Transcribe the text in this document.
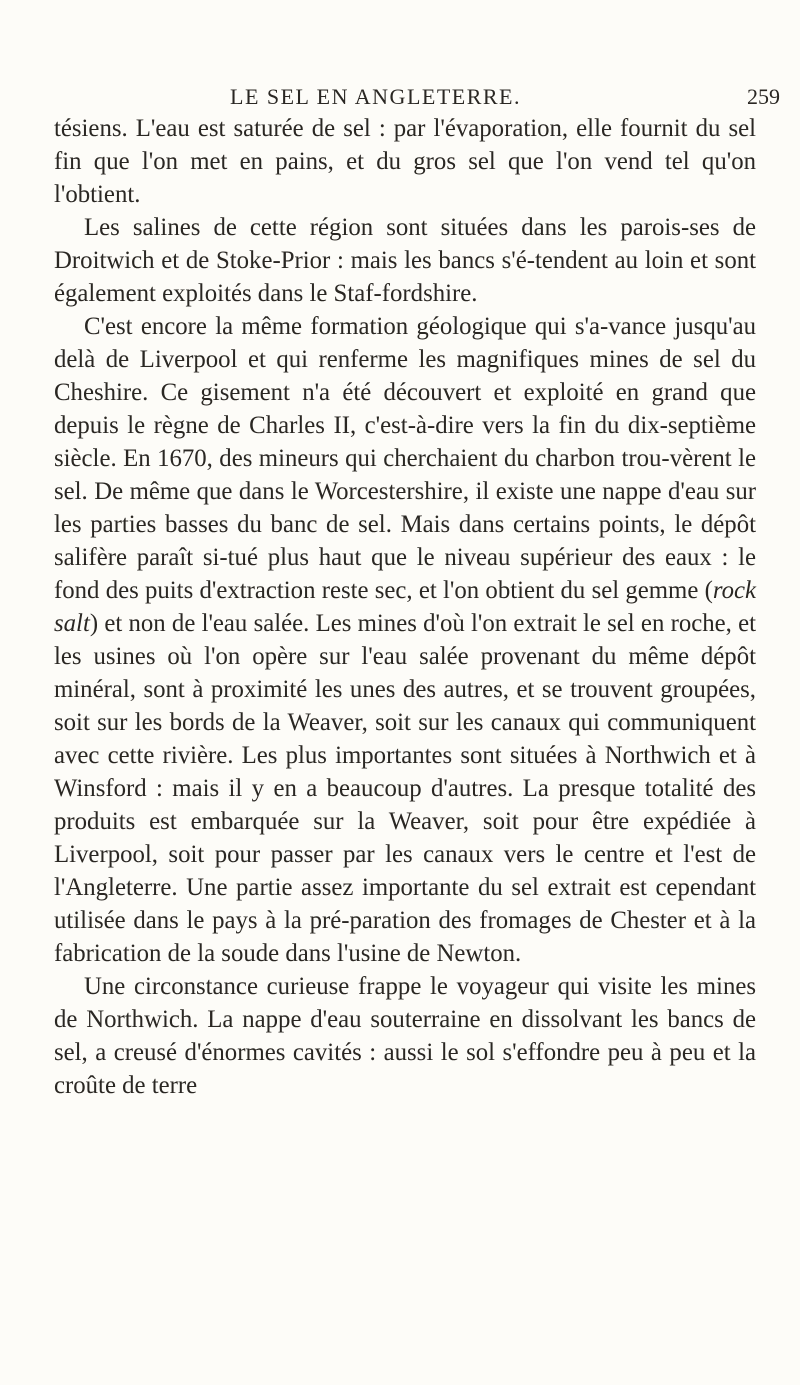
LE SEL EN ANGLETERRE.	259

tésiens. L'eau est saturée de sel : par l'évaporation, elle fournit du sel fin que l'on met en pains, et du gros sel que l'on vend tel qu'on l'obtient.

Les salines de cette région sont situées dans les parois-ses de Droitwich et de Stoke-Prior : mais les bancs s'é-tendent au loin et sont également exploités dans le Staf-fordshire.

C'est encore la même formation géologique qui s'a-vance jusqu'au delà de Liverpool et qui renferme les magnifiques mines de sel du Cheshire. Ce gisement n'a été découvert et exploité en grand que depuis le règne de Charles II, c'est-à-dire vers la fin du dix-septième siècle. En 1670, des mineurs qui cherchaient du charbon trou-vèrent le sel. De même que dans le Worcestershire, il existe une nappe d'eau sur les parties basses du banc de sel. Mais dans certains points, le dépôt salifère paraît si-tué plus haut que le niveau supérieur des eaux : le fond des puits d'extraction reste sec, et l'on obtient du sel gemme (rock salt) et non de l'eau salée. Les mines d'où l'on extrait le sel en roche, et les usines où l'on opère sur l'eau salée provenant du même dépôt minéral, sont à proximité les unes des autres, et se trouvent groupées, soit sur les bords de la Weaver, soit sur les canaux qui communiquent avec cette rivière. Les plus importantes sont situées à Northwich et à Winsford : mais il y en a beaucoup d'autres. La presque totalité des produits est embarquée sur la Weaver, soit pour être expédiée à Liverpool, soit pour passer par les canaux vers le centre et l'est de l'Angleterre. Une partie assez importante du sel extrait est cependant utilisée dans le pays à la pré-paration des fromages de Chester et à la fabrication de la soude dans l'usine de Newton.

Une circonstance curieuse frappe le voyageur qui visite les mines de Northwich. La nappe d'eau souterraine en dissolvant les bancs de sel, a creusé d'énormes cavités : aussi le sol s'effondre peu à peu et la croûte de terre
